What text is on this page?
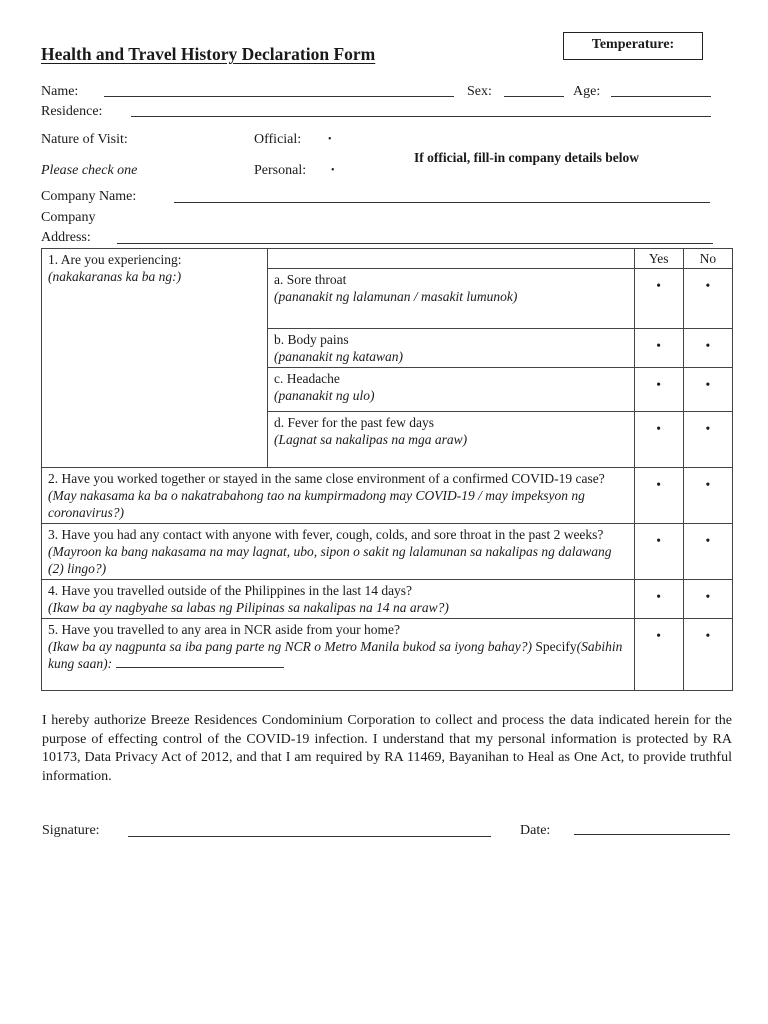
Health and Travel History Declaration Form	Temperature:
Name:	Sex:	Age:
Residence:
Nature of Visit:
Please check one
Official:	•
Personal: •
If official, fill-in company details below
Company Name:
Company
Address:
1. Are you experiencing:
(nakakaranas ka ba ng:)		Yes	No

	a. Sore throat
(pananakit ng lalamunan / masakit lumunok)	•	•

	b. Body pains
(pananakit ng katawan)	•	•

	c. Headache
(pananakit ng ulo)	•	•

	d. Fever for the past few days
(Lagnat sa nakalipas na mga araw)	•	•
2. Have you worked together or stayed in the same close environment of a confirmed COVID-19 case? (May nakasama ka ba o nakatrabahong tao na kumpirmadong may COVID-19 / may impeksyon ng coronavirus?)		•	•
3. Have you had any contact with anyone with fever, cough, colds, and sore throat in the past 2 weeks? (Mayroon ka bang nakasama na may lagnat, ubo, sipon o sakit ng lalamunan sa nakalipas ng dalawang (2) lingo?)		•	•

4. Have you travelled outside of the Philippines in the last 14 days?
(Ikaw ba ay nagbyahe sa labas ng Pilipinas sa nakalipas na 14 na araw?)		•	•

5. Have you travelled to any area in NCR aside from your home?
(Ikaw ba ay nagpunta sa iba pang parte ng NCR o Metro Manila bukod sa iyong bahay?) Specify(Sabihin kung saan):		•	•
I hereby authorize Breeze Residences Condominium Corporation to collect and process the data indicated herein for the purpose of effecting control of the COVID-19 infection. I understand that my personal information is protected by RA 10173, Data Privacy Act of 2012, and that I am required by RA 11469, Bayanihan to Heal as One Act, to provide truthful information.
Signature:	Date:
